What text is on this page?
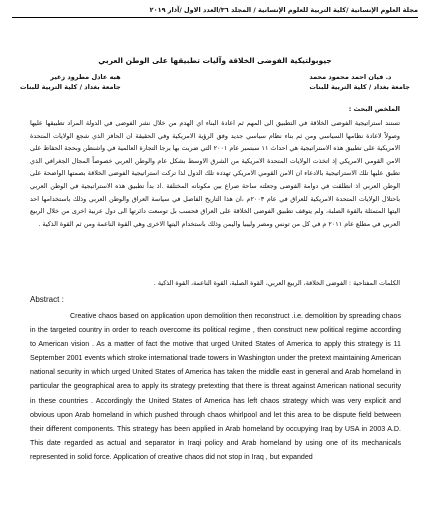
مجلة العلوم الإنسانية /كلية التربية للعلوم الإنسانية / المجلد ٣٦/العدد الاول /آذار ٢٠١٩
جيوبولتيكية الفوضى الخلاقة وآليات تطبيقها على الوطن العربي
هبه عادل مطرود زغير
جامعة بغداد / كلية التربية للبنات
د. فيان احمد محمود محمد
جامعة بغداد / كلية التربية للبنات
الملخص البحث :
تستند استراتيجية الفوضى الخلاقة في التطبيق الى المهم ثم اعادة البناء اي الهدم من خلال نشر الفوضى في الدولة المراد تطبيقها عليها وصولاً لاعادة نظامها السياسي ومن ثم بناء نظام سياسي جديد وفق الرؤية الامريكية وفي الحقيقة ان الحافز الذي شجع الولايات المتحدة الامريكية على تطبيق هذه الاستراتيجية هي احداث ١١ سبتمبر عام ٢٠٠١ التي ضربت بها برجا التجارة العالمية في واشنطن وبحجة الحفاظ على الامن القومي الامريكي إذ اتخذت الولايات المتحدة الامريكية من الشرق الاوسط بشكل عام والوطن العربي خصوصاً المجال الجغرافي الذي تطبق عليها تلك الاستراتيجية بالادعاء ان الامن القومي الامريكي تهدده تلك الدول لذا تركت استراتيجية الفوضى الخلاقة بصمتها الواضحة على الوطن العربي اذ انطلقت في دوامة الفوضى وجعلته ساحة صراع بين مكوناته المختلفة .اذ بدأ تطبيق هذه الاستراتيجية في الوطن العربي باحتلال الولايات المتحدة الامريكية للعراق في عام ٢٠٠٣م ،ان هذا التاريخ الفاصل في سياسة العراق والوطن العربي وذلك باستخدامها احد اليتها المتمثلة بالقوة الصلبة، ولم يتوقف تطبيق الفوضى الخلاقة على العراق فحسب بل توسعت دائرتها الى دول عربية اخرى من خلال الربيع العربي في مطلع عام ٢٠١١ م في كل من تونس ومصر وليبيا واليمن وذلك باستخدام اليتها الاخرى وهي القوة الناعمة ومن ثم القوة الذكية .
الكلمات المفتاحية : الفوضى الخلاقة، الربيع العربي، القوة الصلبة، القوة الناعمة، القوة الذكية .
Abstract :
Creative chaos based on application upon demolition then reconstruct .i.e. demolition by spreading chaos in the targeted country in order to reach overcome its political regime , then construct new political regime according to American vision . As a matter of fact the motive that urged United States of America to apply this strategy is 11 September 2001 events which stroke international trade towers in Washington under the pretext maintaining American national security in which urged United States of America has taken the middle east in general and Arab homeland in particular the geographical area to apply its strategy pretexting that there is threat against American national security in these countries . Accordingly the United States of America has left chaos strategy which was very explicit and obvious upon Arab homeland in which pushed through chaos whirlpool and let this area to be dispute field between their different components. This strategy has been applied in Arab homeland by occupying Iraq by USA in 2003 A.D. This date regarded as actual and separator in Iraqi policy and Arab homeland by using one of its mechanicals represented in solid force. Application of creative chaos did not stop in Iraq , but expanded
